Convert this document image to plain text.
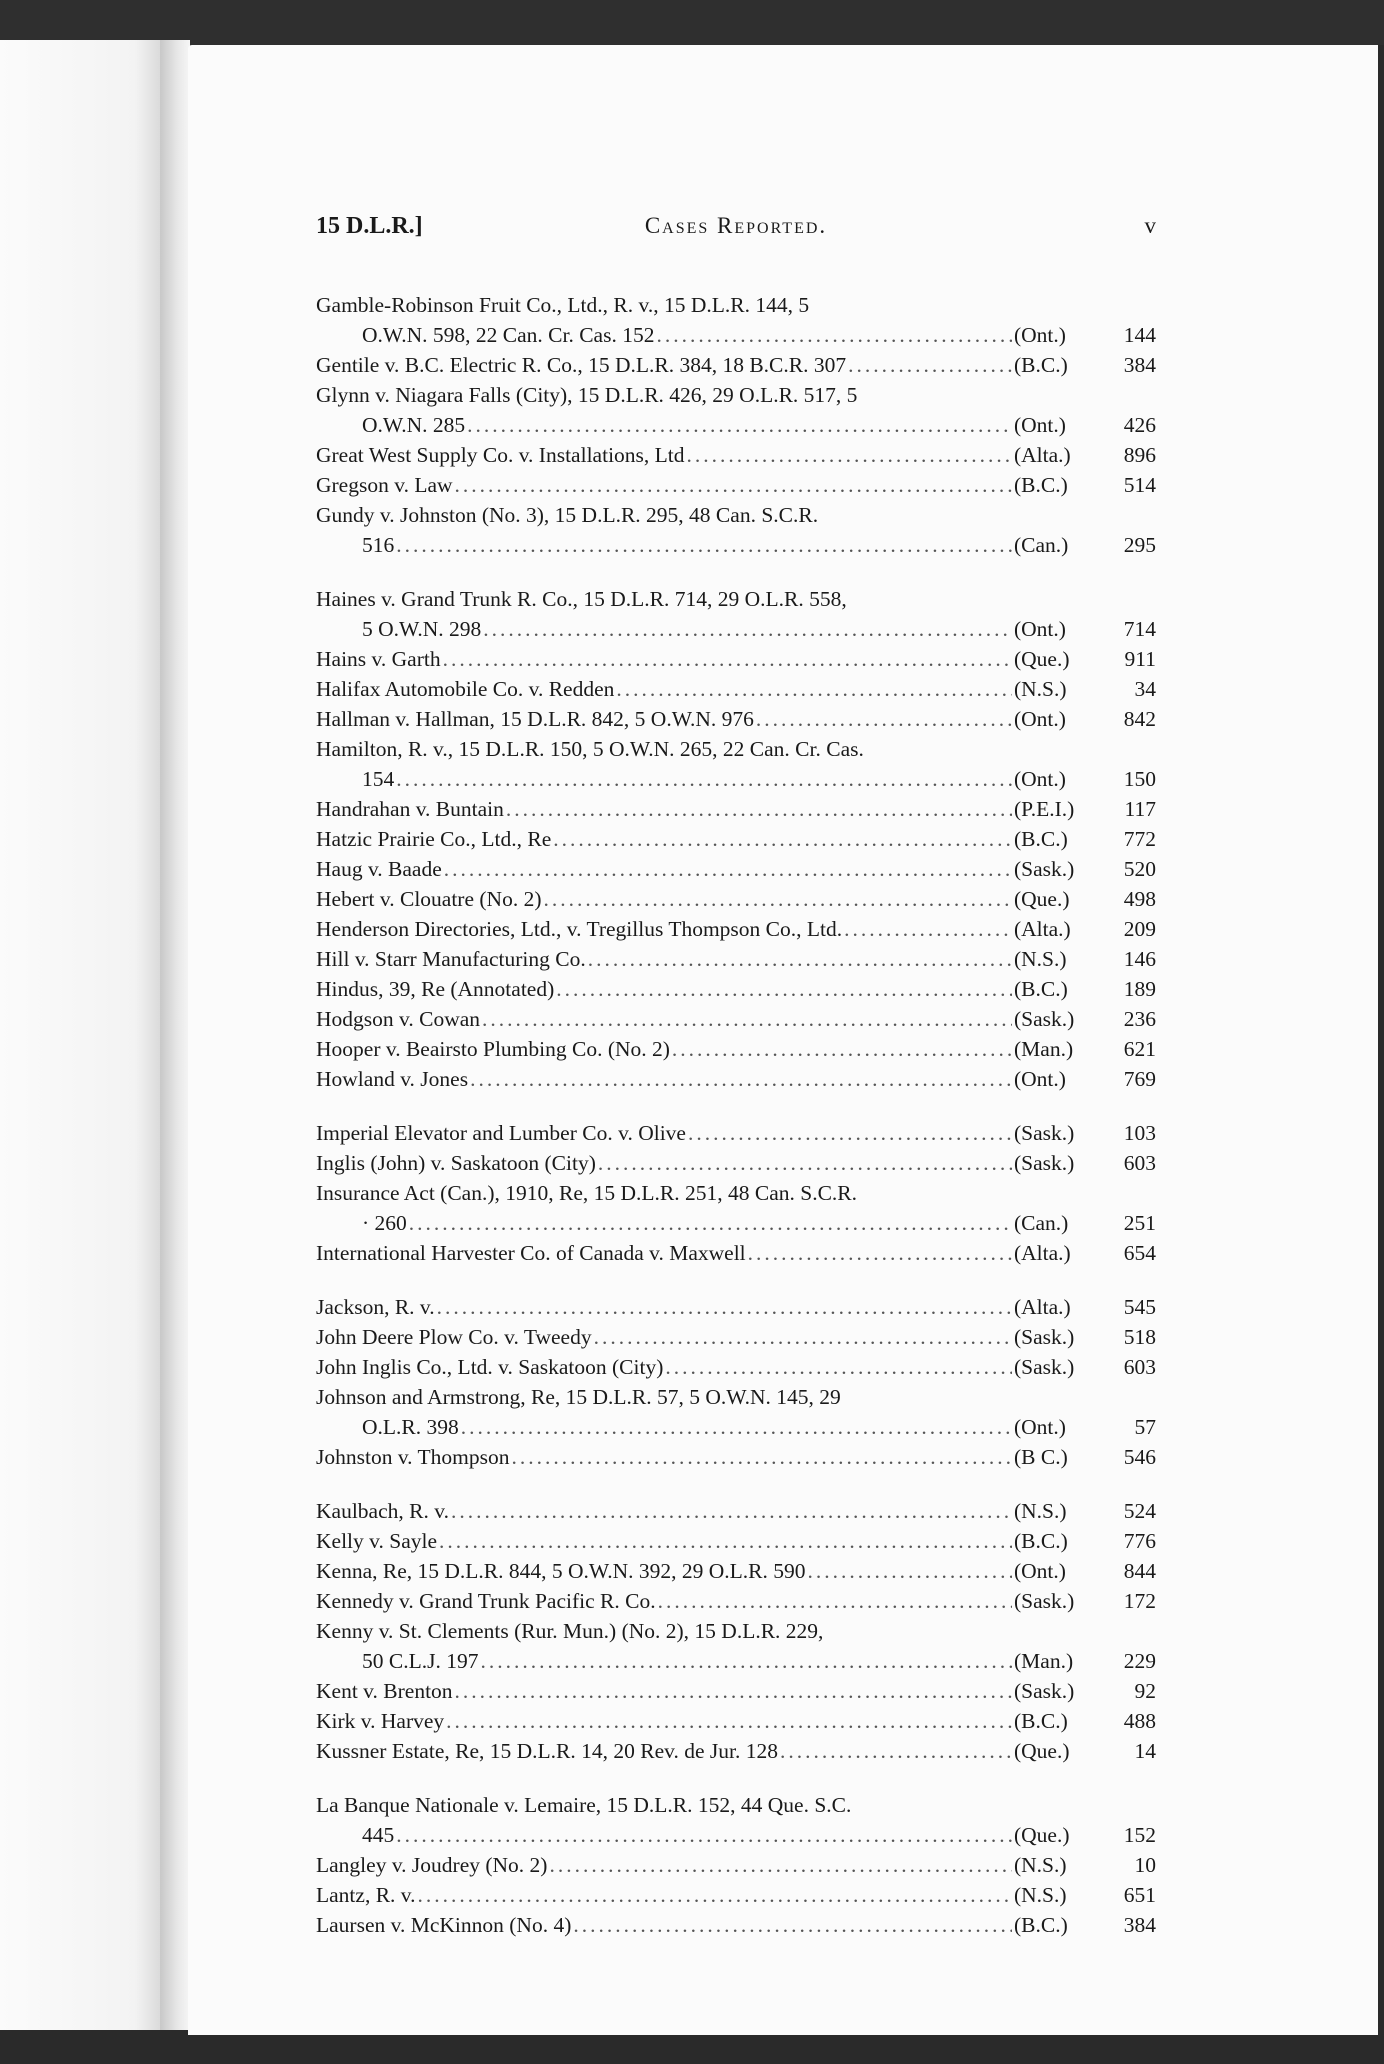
15 D.L.R.]	Cases Reported.	v
Gamble-Robinson Fruit Co., Ltd., R. v., 15 D.L.R. 144, 5
O.W.N. 598, 22 Can. Cr. Cas. 152 .....	(Ont.)	144
Gentile v. B.C. Electric R. Co., 15 D.L.R. 384, 18 B.C.R. 307 .....	(B.C.)	384
Glynn v. Niagara Falls (City), 15 D.L.R. 426, 29 O.L.R. 517, 5
O.W.N. 285 .....	(Ont.)	426
Great West Supply Co. v. Installations, Ltd .....	(Alta.)	896
Gregson v. Law .....	(B.C.)	514
Gundy v. Johnston (No. 3), 15 D.L.R. 295, 48 Can. S.C.R.
516 .....	(Can.)	295
Haines v. Grand Trunk R. Co., 15 D.L.R. 714, 29 O.L.R. 558,
5 O.W.N. 298 .....	(Ont.)	714
Hains v. Garth .....	(Que.)	911
Halifax Automobile Co. v. Redden .....	(N.S.)	34
Hallman v. Hallman, 15 D.L.R. 842, 5 O.W.N. 976 .....	(Ont.)	842
Hamilton, R. v., 15 D.L.R. 150, 5 O.W.N. 265, 22 Can. Cr. Cas.
154 .....	(Ont.)	150
Handrahan v. Buntain .....	(P.E.I.)	117
Hatzic Prairie Co., Ltd., Re .....	(B.C.)	772
Haug v. Baade .....	(Sask.)	520
Hebert v. Clouatre (No. 2) .....	(Que.)	498
Henderson Directories, Ltd., v. Tregillus Thompson Co., Ltd. .....	(Alta.)	209
Hill v. Starr Manufacturing Co. .....	(N.S.)	146
Hindus, 39, Re (Annotated) .....	(B.C.)	189
Hodgson v. Cowan .....	(Sask.)	236
Hooper v. Beairsto Plumbing Co. (No. 2) .....	(Man.)	621
Howland v. Jones .....	(Ont.)	769
Imperial Elevator and Lumber Co. v. Olive .....	(Sask.)	103
Inglis (John) v. Saskatoon (City) .....	(Sask.)	603
Insurance Act (Can.), 1910, Re, 15 D.L.R. 251, 48 Can. S.C.R.
· 260 .....	(Can.)	251
International Harvester Co. of Canada v. Maxwell .....	(Alta.)	654
Jackson, R. v. .....	(Alta.)	545
John Deere Plow Co. v. Tweedy .....	(Sask.)	518
John Inglis Co., Ltd. v. Saskatoon (City) .....	(Sask.)	603
Johnson and Armstrong, Re, 15 D.L.R. 57, 5 O.W.N. 145, 29
O.L.R. 398 .....	(Ont.)	57
Johnston v. Thompson .....	(B C.)	546
Kaulbach, R. v. .....	(N.S.)	524
Kelly v. Sayle .....	(B.C.)	776
Kenna, Re, 15 D.L.R. 844, 5 O.W.N. 392, 29 O.L.R. 590 .....	(Ont.)	844
Kennedy v. Grand Trunk Pacific R. Co. .....	(Sask.)	172
Kenny v. St. Clements (Rur. Mun.) (No. 2), 15 D.L.R. 229,
50 C.L.J. 197 .....	(Man.)	229
Kent v. Brenton .....	(Sask.)	92
Kirk v. Harvey .....	(B.C.)	488
Kussner Estate, Re, 15 D.L.R. 14, 20 Rev. de Jur. 128 .....	(Que.)	14
La Banque Nationale v. Lemaire, 15 D.L.R. 152, 44 Que. S.C.
445 .....	(Que.)	152
Langley v. Joudrey (No. 2) .....	(N.S.)	10
Lantz, R. v. .....	(N.S.)	651
Laursen v. McKinnon (No. 4) .....	(B.C.)	384
